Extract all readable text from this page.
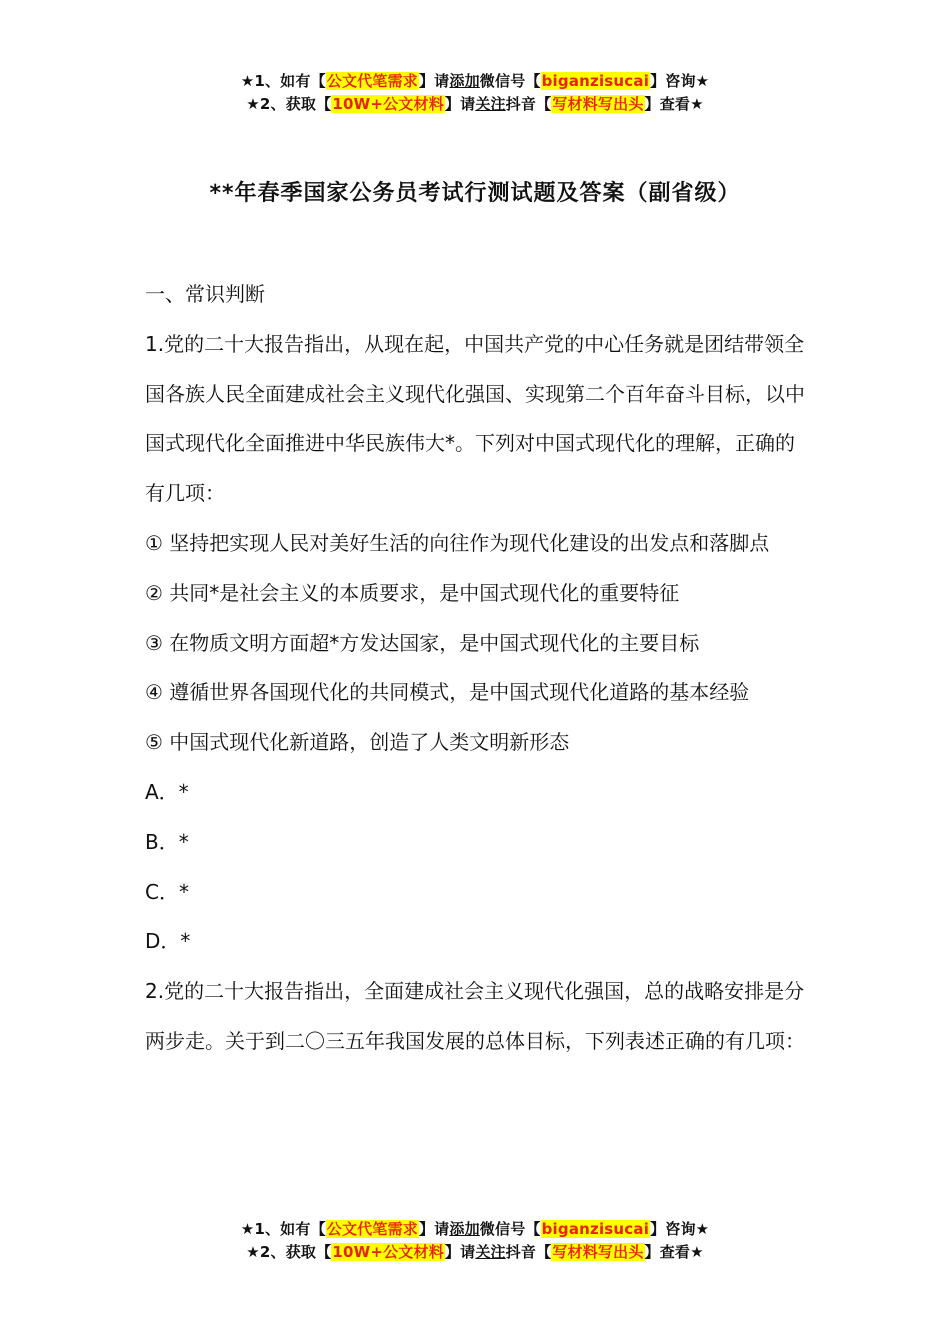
★1、如有【公文代笔需求】请添加微信号【biganzisucai】咨询★
★2、获取【10W+公文材料】请关注抖音【写材料写出头】查看★
**年春季国家公务员考试行测试题及答案（副省级）

一、常识判断

1.党的二十大报告指出，从现在起，中国共产党的中心任务就是团结带领全国各族人民全面建成社会主义现代化强国、实现第二个百年奋斗目标，以中国式现代化全面推进中华民族伟大*。下列对中国式现代化的理解，正确的有几项：

① 坚持把实现人民对美好生活的向往作为现代化建设的出发点和落脚点

② 共同*是社会主义的本质要求，是中国式现代化的重要特征

③ 在物质文明方面超*方发达国家，是中国式现代化的主要目标

④ 遵循世界各国现代化的共同模式，是中国式现代化道路的基本经验

⑤ 中国式现代化新道路，创造了人类文明新形态

A．*

B．*

C．*

D．*

2.党的二十大报告指出，全面建成社会主义现代化强国，总的战略安排是分两步走。关于到二〇三五年我国发展的总体目标，下列表述正确的有几项：

★1、如有【公文代笔需求】请添加微信号【biganzisucai】咨询★
★2、获取【10W+公文材料】请关注抖音【写材料写出头】查看★
